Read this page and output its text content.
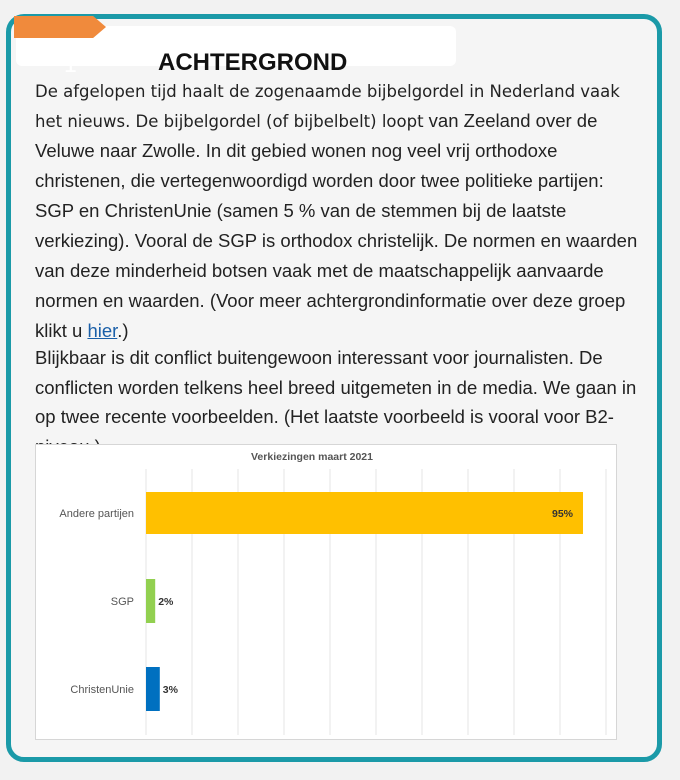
1	ACHTERGROND
De afgelopen tijd haalt de zogenaamde bijbelgordel in Nederland vaak het nieuws. De bijbelgordel (of bijbelbelt) loopt van Zeeland over de Veluwe naar Zwolle. In dit gebied wonen nog veel vrij orthodoxe christenen, die vertegenwoordigd worden door twee politieke partijen: SGP en ChristenUnie (samen 5 % van de stemmen bij de laatste verkiezing). Vooral de SGP is orthodox christelijk. De normen en waarden van deze minderheid botsen vaak met de maatschappelijk aanvaarde normen en waarden. (Voor meer achtergrondinformatie over deze groep klikt u hier.)
Blijkbaar is dit conflict buitengewoon interessant voor journalisten. De conflicten worden telkens heel breed uitgemeten in de media. We gaan in op twee recente voorbeelden. (Het laatste voorbeeld is vooral voor B2-
Verkiezingen maart 2021
Andere partijen	95%
SGP 2%
ChristenUnie	3%
